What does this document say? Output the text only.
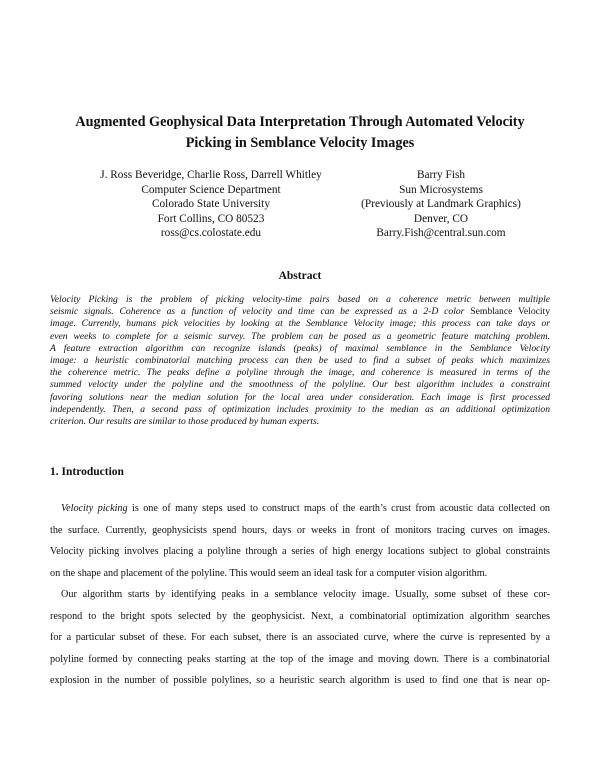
Augmented Geophysical Data Interpretation Through Automated Velocity
Picking in Semblance Velocity Images
J. Ross Beveridge, Charlie Ross, Darrell Whitley
Computer Science Department
Colorado State University
Fort Collins, CO 80523
ross@cs.colostate.edu
Barry Fish
Sun Microsystems
(Previously at Landmark Graphics)
Denver, CO
Barry.Fish@central.sun.com
Abstract
Velocity Picking is the problem of picking velocity-time pairs based on a coherence metric between multiple
seismic signals. Coherence as a function of velocity and time can be expressed as a 2-D color Semblance Velocity
image. Currently, humans pick velocities by looking at the Semblance Velocity image; this process can take days or
even weeks to complete for a seismic survey. The problem can be posed as a geometric feature matching problem.
A feature extraction algorithm can recognize islands (peaks) of maximal semblance in the Semblance Velocity
image: a heuristic combinatorial matching process can then be used to find a subset of peaks which maximizes
the coherence metric. The peaks define a polyline through the image, and coherence is measured in terms of the
summed velocity under the polyline and the smoothness of the polyline. Our best algorithm includes a constraint
favoring solutions near the median solution for the local area under consideration. Each image is first processed
independently. Then, a second pass of optimization includes proximity to the median as an additional optimization
criterion. Our results are similar to those produced by human experts.
1. Introduction
Velocity picking is one of many steps used to construct maps of the earth’s crust from acoustic data collected on
the surface. Currently, geophysicists spend hours, days or weeks in front of monitors tracing curves on images.
Velocity picking involves placing a polyline through a series of high energy locations subject to global constraints
on the shape and placement of the polyline. This would seem an ideal task for a computer vision algorithm.
Our algorithm starts by identifying peaks in a semblance velocity image. Usually, some subset of these cor-
respond to the bright spots selected by the geophysicist. Next, a combinatorial optimization algorithm searches
for a particular subset of these. For each subset, there is an associated curve, where the curve is represented by a
polyline formed by connecting peaks starting at the top of the image and moving down. There is a combinatorial
explosion in the number of possible polylines, so a heuristic search algorithm is used to find one that is near op-
